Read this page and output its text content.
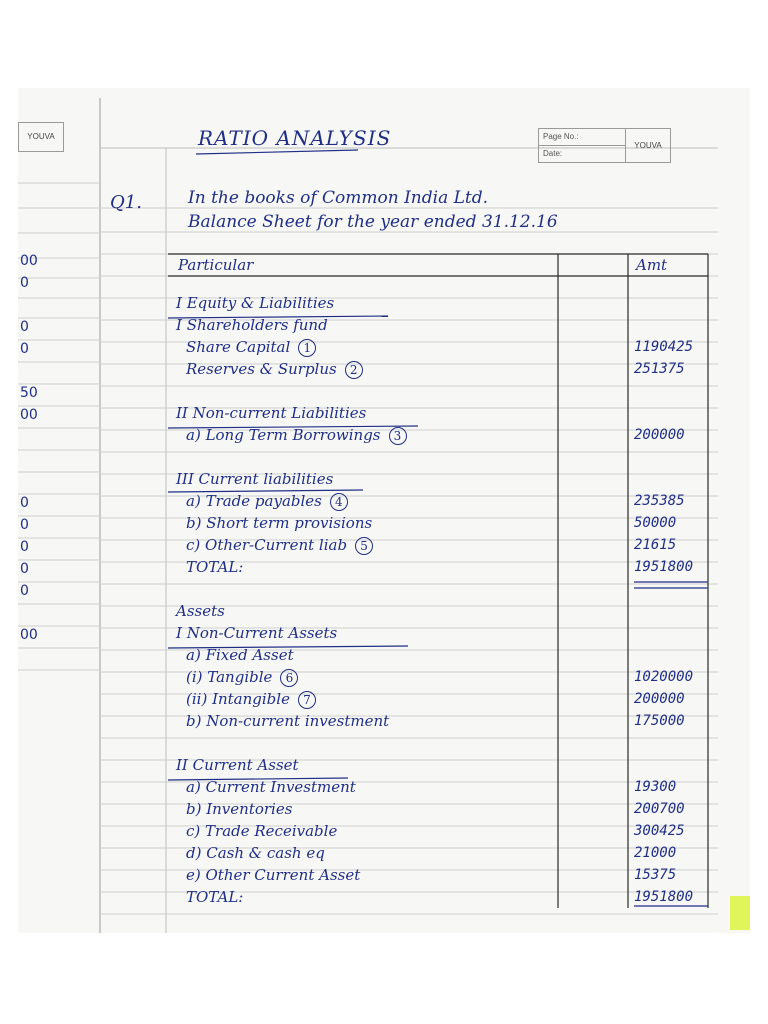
YOUVA	Page No.:
Date:
YOUVA
RATIO ANALYSIS
Q1.	In the books of Common India Ltd.
Balance Sheet for the year ended 31.12.16
Particular	Amt
I Equity & Liabilities
I Shareholders fund
Share Capital 1	1190425
Reserves & Surplus 2	251375
II Non-current Liabilities
a) Long Term Borrowings 3	200000
III Current liabilities
a) Trade payables 4	235385
b) Short term provisions	50000
c) Other-Current liab 5	21615
TOTAL:	1951800
Assets
I Non-Current Assets
a) Fixed Asset
(i) Tangible 6	1020000
(ii) Intangible 7	200000
b) Non-current investment	175000
II Current Asset
a) Current Investment	19300
b) Inventories	200700
c) Trade Receivable	300425
d) Cash & cash eq	21000
e) Other Current Asset	15375
TOTAL:	1951800
00
0
0
0
50
00
0
0
0
0
0
00
